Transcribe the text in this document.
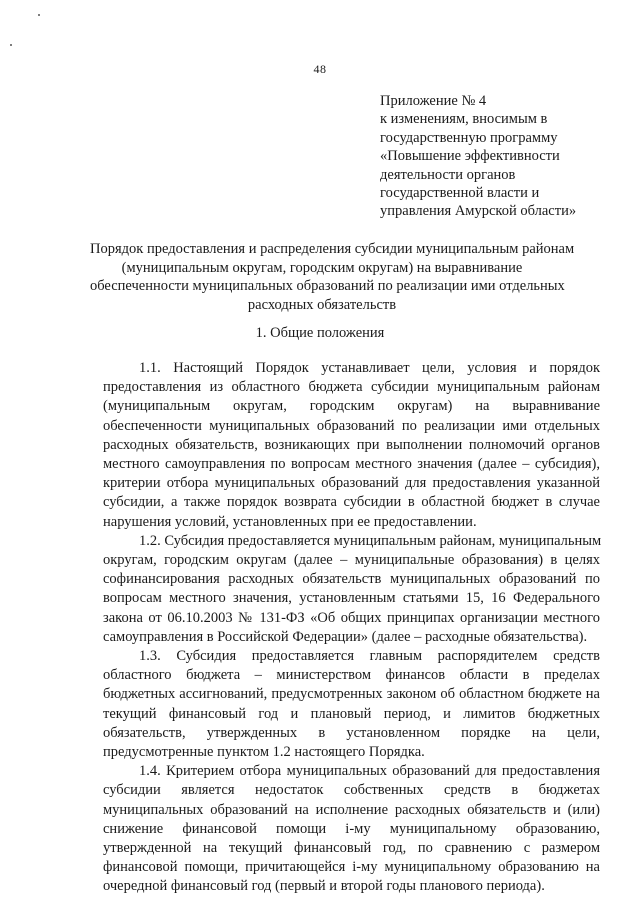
48
Приложение № 4
к изменениям, вносимым в
государственную программу
«Повышение эффективности
деятельности органов
государственной власти и
управления Амурской области»
Порядок предоставления и распределения субсидии муниципальным районам
(муниципальным округам, городским округам) на выравнивание
обеспеченности муниципальных образований по реализации ими отдельных
расходных обязательств
1. Общие положения
1.1. Настоящий Порядок устанавливает цели, условия и порядок
предоставления из областного бюджета субсидии муниципальным районам
(муниципальным округам, городским округам) на выравнивание
обеспеченности муниципальных образований по реализации ими отдельных
расходных обязательств, возникающих при выполнении полномочий органов
местного самоуправления по вопросам местного значения (далее – субсидия),
критерии отбора муниципальных образований для предоставления указанной
субсидии, а также порядок возврата субсидии в областной бюджет в случае
нарушения условий, установленных при ее предоставлении.
1.2. Субсидия предоставляется муниципальным районам, муниципальным
округам, городским округам (далее – муниципальные образования) в целях
софинансирования расходных обязательств муниципальных образований по
вопросам местного значения, установленным статьями 15, 16 Федерального
закона от 06.10.2003 № 131-ФЗ «Об общих принципах организации местного
самоуправления в Российской Федерации» (далее – расходные обязательства).
1.3. Субсидия предоставляется главным распорядителем средств
областного бюджета – министерством финансов области в пределах
бюджетных ассигнований, предусмотренных законом об областном бюджете на
текущий финансовый год и плановый период, и лимитов бюджетных
обязательств, утвержденных в установленном порядке на цели,
предусмотренные пунктом 1.2 настоящего Порядка.
1.4. Критерием отбора муниципальных образований для предоставления
субсидии является недостаток собственных средств в бюджетах
муниципальных образований на исполнение расходных обязательств и (или)
снижение финансовой помощи i-му муниципальному образованию,
утвержденной на текущий финансовый год, по сравнению с размером
финансовой помощи, причитающейся i-му муниципальному образованию на
очередной финансовый год (первый и второй годы планового периода).
